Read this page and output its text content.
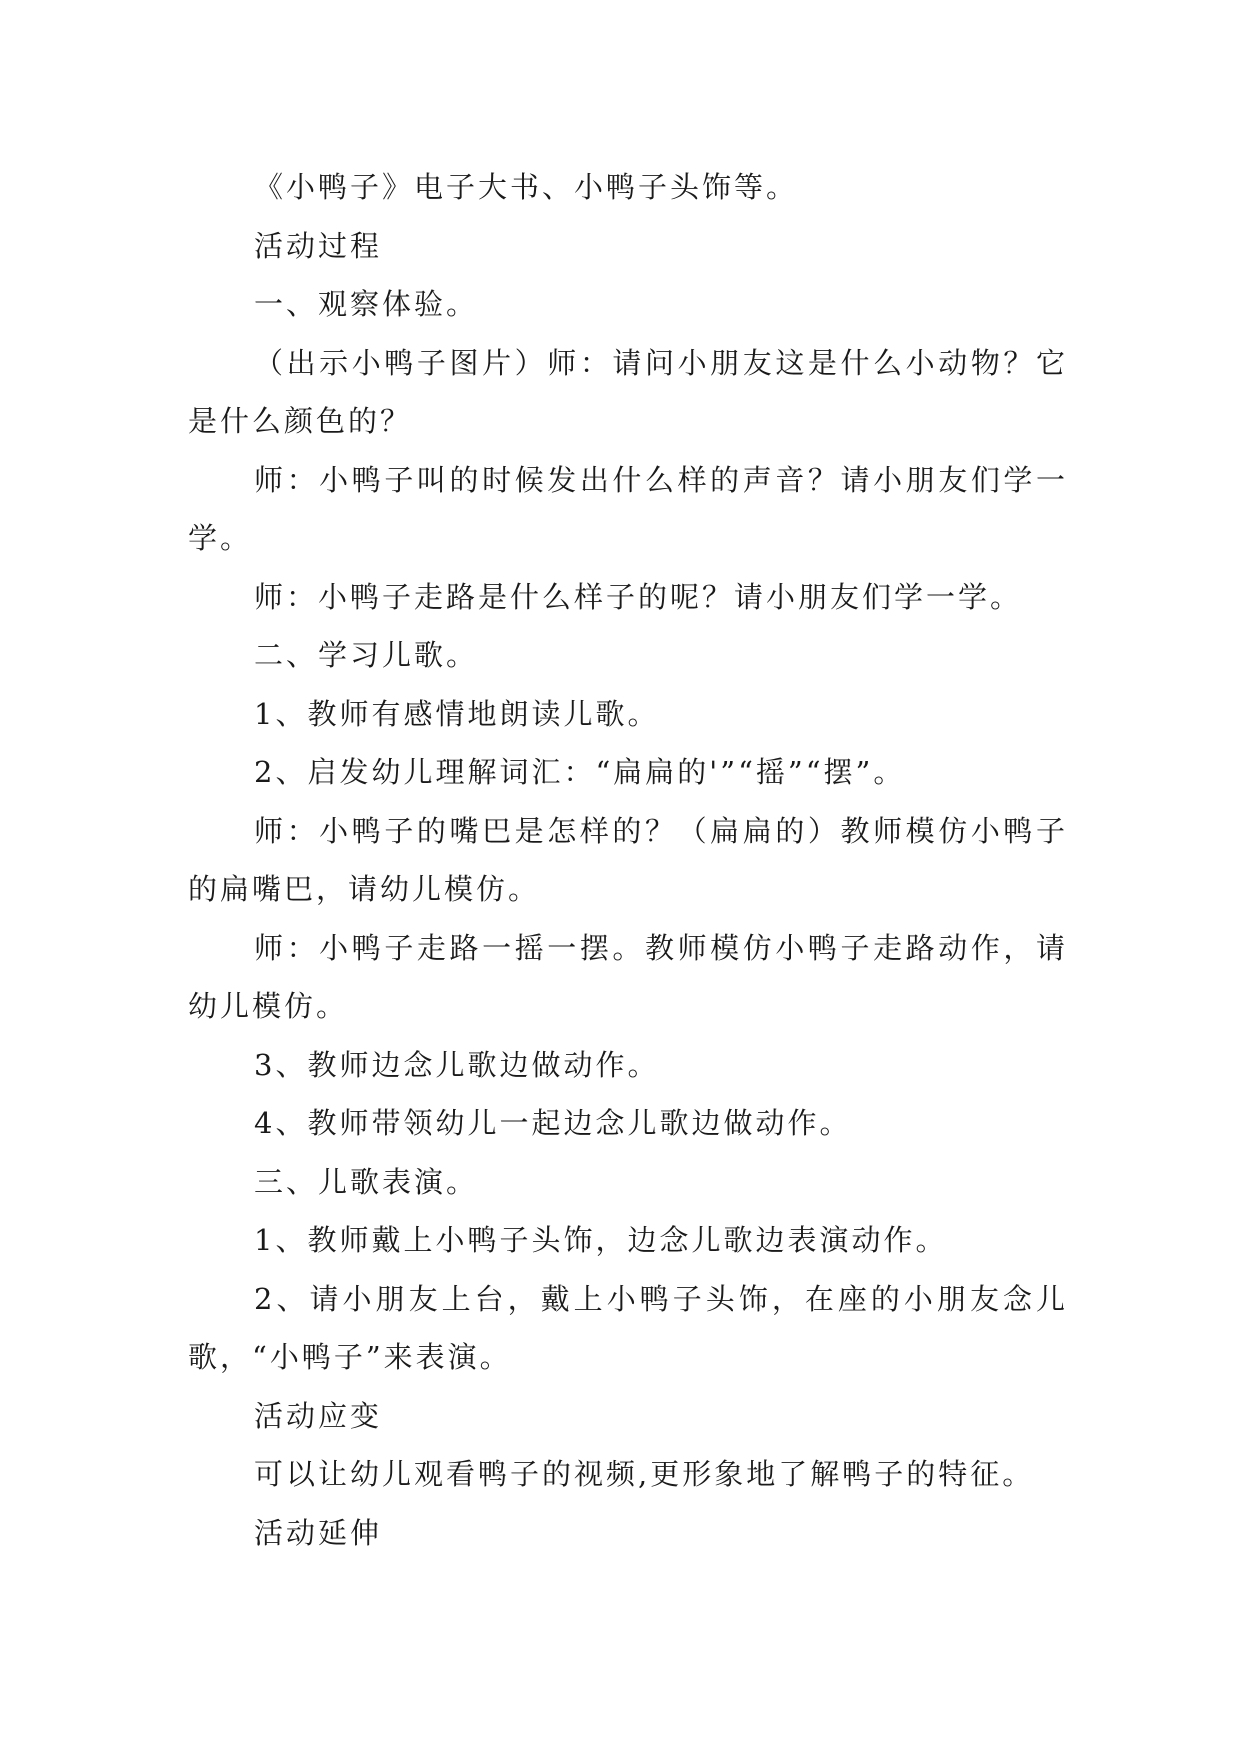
《小鸭子》电子大书、小鸭子头饰等。

活动过程

一、观察体验。

（出示小鸭子图片）师：请问小朋友这是什么小动物？它是什么颜色的？

师：小鸭子叫的时候发出什么样的声音？请小朋友们学一学。

师：小鸭子走路是什么样子的呢？请小朋友们学一学。

二、学习儿歌。

1、教师有感情地朗读儿歌。

2、启发幼儿理解词汇：“扁扁的'”“摇”“摆”。

师：小鸭子的嘴巴是怎样的？（扁扁的）教师模仿小鸭子的扁嘴巴，请幼儿模仿。

师：小鸭子走路一摇一摆。教师模仿小鸭子走路动作，请幼儿模仿。

3、教师边念儿歌边做动作。

4、教师带领幼儿一起边念儿歌边做动作。

三、儿歌表演。

1、教师戴上小鸭子头饰，边念儿歌边表演动作。

2、请小朋友上台，戴上小鸭子头饰，在座的小朋友念儿歌，“小鸭子”来表演。

活动应变

可以让幼儿观看鸭子的视频,更形象地了解鸭子的特征。

活动延伸
